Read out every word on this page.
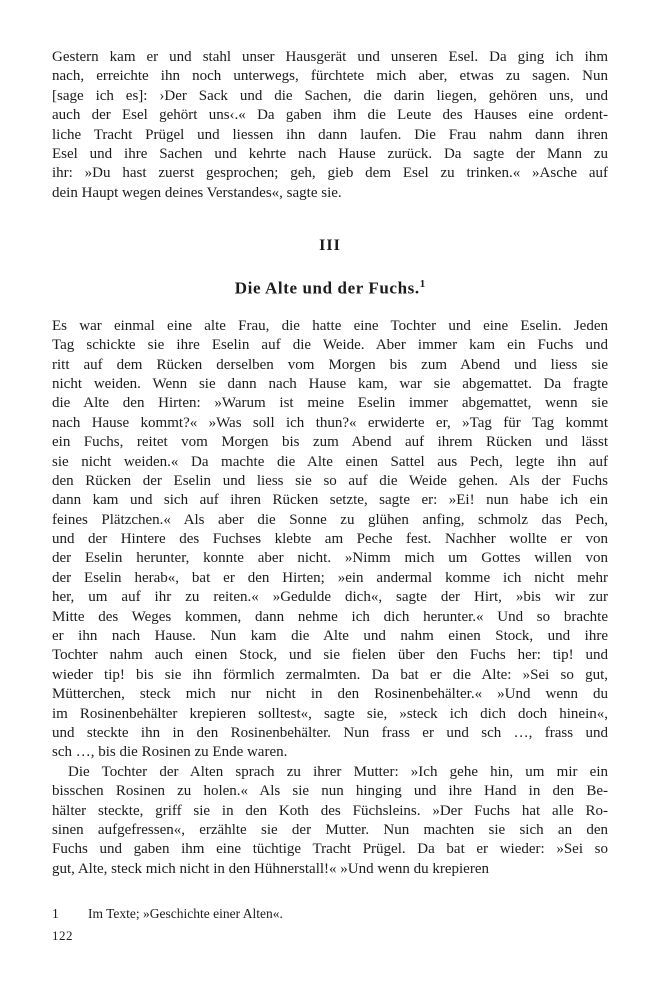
Gestern kam er und stahl unser Hausgerät und unseren Esel. Da ging ich ihm
nach, erreichte ihn noch unterwegs, fürchtete mich aber, etwas zu sagen. Nun
[sage ich es]: ›Der Sack und die Sachen, die darin liegen, gehören uns, und
auch der Esel gehört uns‹.« Da gaben ihm die Leute des Hauses eine ordent-
liche Tracht Prügel und liessen ihn dann laufen. Die Frau nahm dann ihren
Esel und ihre Sachen und kehrte nach Hause zurück. Da sagte der Mann zu
ihr: »Du hast zuerst gesprochen; geh, gieb dem Esel zu trinken.« »Asche auf
dein Haupt wegen deines Verstandes«, sagte sie.
III
Die Alte und der Fuchs.$^1$
Es war einmal eine alte Frau, die hatte eine Tochter und eine Eselin. Jeden
Tag schickte sie ihre Eselin auf die Weide. Aber immer kam ein Fuchs und
ritt auf dem Rücken derselben vom Morgen bis zum Abend und liess sie
nicht weiden. Wenn sie dann nach Hause kam, war sie abgemattet. Da fragte
die Alte den Hirten: »Warum ist meine Eselin immer abgemattet, wenn sie
nach Hause kommt?« »Was soll ich thun?« erwiderte er, »Tag für Tag kommt
ein Fuchs, reitet vom Morgen bis zum Abend auf ihrem Rücken und lässt
sie nicht weiden.« Da machte die Alte einen Sattel aus Pech, legte ihn auf
den Rücken der Eselin und liess sie so auf die Weide gehen. Als der Fuchs
dann kam und sich auf ihren Rücken setzte, sagte er: »Ei! nun habe ich ein
feines Plätzchen.« Als aber die Sonne zu glühen anfing, schmolz das Pech,
und der Hintere des Fuchses klebte am Peche fest. Nachher wollte er von
der Eselin herunter, konnte aber nicht. »Nimm mich um Gottes willen von
der Eselin herab«, bat er den Hirten; »ein andermal komme ich nicht mehr
her, um auf ihr zu reiten.« »Gedulde dich«, sagte der Hirt, »bis wir zur
Mitte des Weges kommen, dann nehme ich dich herunter.« Und so brachte
er ihn nach Hause. Nun kam die Alte und nahm einen Stock, und ihre
Tochter nahm auch einen Stock, und sie fielen über den Fuchs her: tip! und
wieder tip! bis sie ihn förmlich zermalmten. Da bat er die Alte: »Sei so gut,
Mütterchen, steck mich nur nicht in den Rosinenbehälter.« »Und wenn du
im Rosinenbehälter krepieren solltest«, sagte sie, »steck ich dich doch hinein«,
und steckte ihn in den Rosinenbehälter. Nun frass er und sch …, frass und
sch …, bis die Rosinen zu Ende waren.
Die Tochter der Alten sprach zu ihrer Mutter: »Ich gehe hin, um mir ein
bisschen Rosinen zu holen.« Als sie nun hinging und ihre Hand in den Be-
hälter steckte, griff sie in den Koth des Füchsleins. »Der Fuchs hat alle Ro-
sinen aufgefressen«, erzählte sie der Mutter. Nun machten sie sich an den
Fuchs und gaben ihm eine tüchtige Tracht Prügel. Da bat er wieder: »Sei so
gut, Alte, steck mich nicht in den Hühnerstall!« »Und wenn du krepieren
1	Im Texte; »Geschichte einer Alten«.
122
